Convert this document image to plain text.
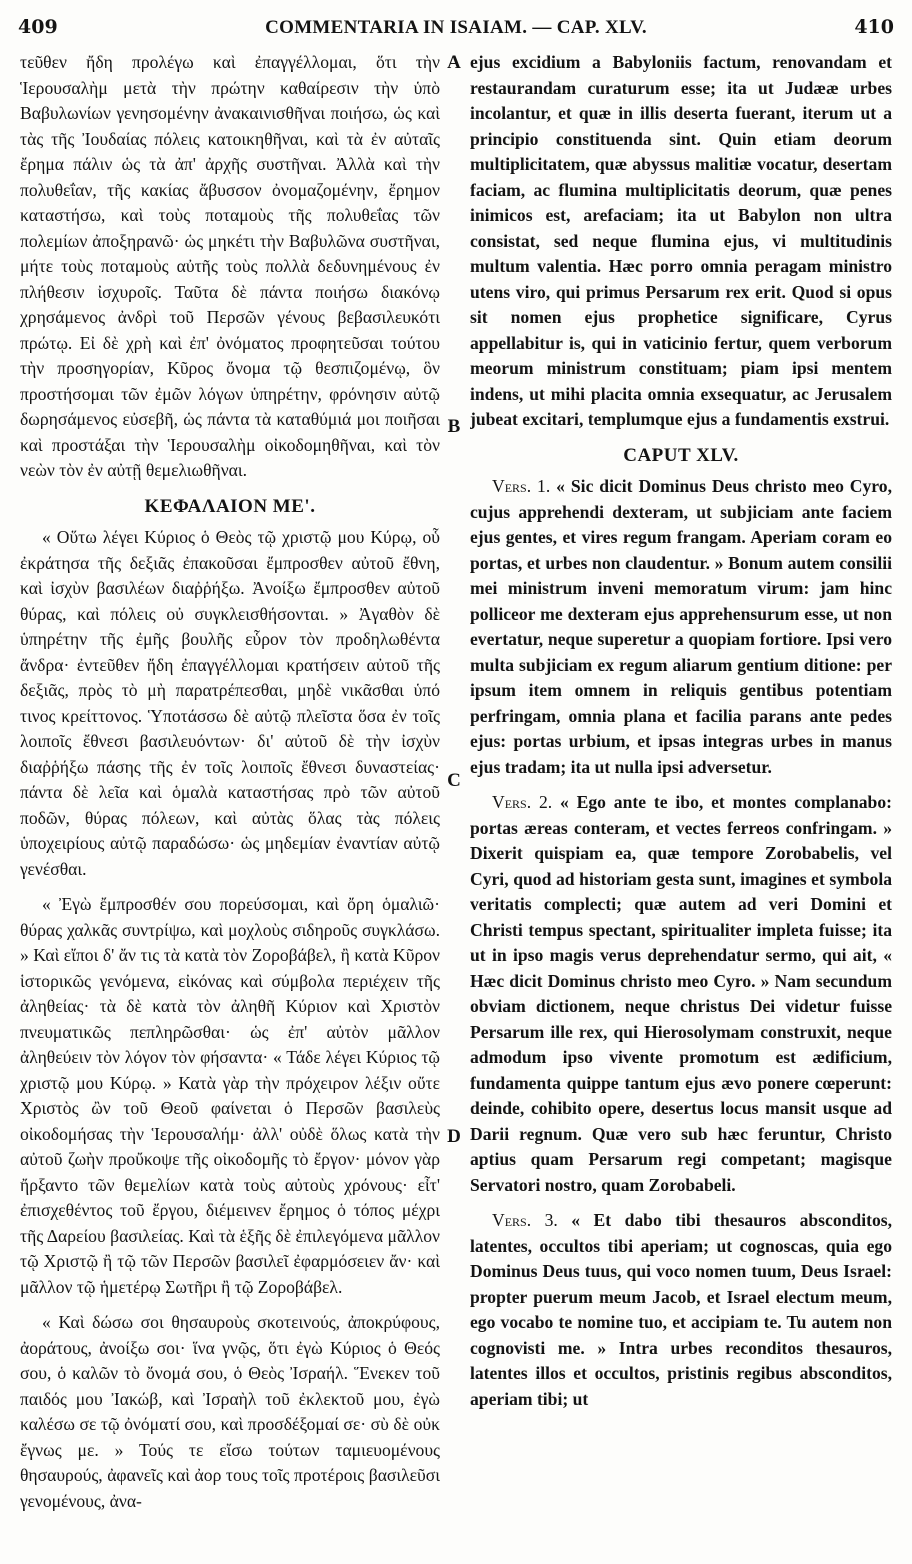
409	COMMENTARIA IN ISAIAM. — CAP. XLV.	410
A
B
C
D

τεῦθεν ἤδη προλέγω καὶ ἐπαγγέλλομαι, ὅτι τὴν Ἱερουσαλὴμ μετὰ τὴν πρώτην καθαίρεσιν τὴν ὑπὸ Βαβυλωνίων γενησομένην ἀνακαινισθῆναι ποιήσω, ὡς καὶ τὰς τῆς Ἰουδαίας πόλεις κατοικηθῆναι, καὶ τὰ ἐν αὐταῖς ἔρημα πάλιν ὡς τὰ ἀπ' ἀρχῆς συστῆναι. Ἀλλὰ καὶ τὴν πολυθεΐαν, τῆς κακίας ἄβυσσον ὀνομαζομένην, ἔρημον καταστήσω, καὶ τοὺς ποταμοὺς τῆς πολυθεΐας τῶν πολεμίων ἀποξηρανῶ· ὡς μηκέτι τὴν Βαβυλῶνα συστῆναι, μήτε τοὺς ποταμοὺς αὐτῆς τοὺς πολλὰ δεδυνημένους ἐν πλήθεσιν ἰσχυροῖς. Ταῦτα δὲ πάντα ποιήσω διακόνῳ χρησάμενος ἀνδρὶ τοῦ Περσῶν γένους βεβασιλευκότι πρώτῳ. Εἰ δὲ χρὴ καὶ ἐπ' ὀνόματος προφητεῦσαι τούτου τὴν προσηγορίαν, Κῦρος ὄνομα τῷ θεσπιζομένῳ, ὃν προστήσομαι τῶν ἐμῶν λόγων ὑπηρέτην, φρόνησιν αὐτῷ δωρησάμενος εὐσεβῆ, ὡς πάντα τὰ καταθύμιά μοι ποιῆσαι καὶ προστάξαι τὴν Ἱερουσαλὴμ οἰκοδομηθῆναι, καὶ τὸν νεὼν τὸν ἐν αὐτῇ θεμελιωθῆναι.

ΚΕΦΑΛΑΙΟΝ ΜΕ'.

« Οὕτω λέγει Κύριος ὁ Θεὸς τῷ χριστῷ μου Κύρῳ, οὗ ἐκράτησα τῆς δεξιᾶς ἐπακοῦσαι ἔμπροσθεν αὐτοῦ ἔθνη, καὶ ἰσχὺν βασιλέων διαῤῥήξω. Ἀνοίξω ἔμπροσθεν αὐτοῦ θύρας, καὶ πόλεις οὐ συγκλεισθήσονται. » Ἀγαθὸν δὲ ὑπηρέτην τῆς ἐμῆς βουλῆς εὗρον τὸν προδηλωθέντα ἄνδρα· ἐντεῦθεν ἤδη ἐπαγγέλλομαι κρατήσειν αὐτοῦ τῆς δεξιᾶς, πρὸς τὸ μὴ παρατρέπεσθαι, μηδὲ νικᾶσθαι ὑπό τινος κρείττονος. Ὑποτάσσω δὲ αὐτῷ πλεῖστα ὅσα ἐν τοῖς λοιποῖς ἔθνεσι βασιλευόντων· δι' αὐτοῦ δὲ τὴν ἰσχὺν διαῤῥήξω πάσης τῆς ἐν τοῖς λοιποῖς ἔθνεσι δυναστείας· πάντα δὲ λεῖα καὶ ὁμαλὰ καταστήσας πρὸ τῶν αὐτοῦ ποδῶν, θύρας πόλεων, καὶ αὐτὰς ὅλας τὰς πόλεις ὑποχειρίους αὐτῷ παραδώσω· ὡς μηδεμίαν ἐναντίαν αὐτῷ γενέσθαι.

« Ἐγὼ ἔμπροσθέν σου πορεύσομαι, καὶ ὄρη ὁμαλιῶ· θύρας χαλκᾶς συντρίψω, καὶ μοχλοὺς σιδηροῦς συγκλάσω. » Καὶ εἴποι δ' ἄν τις τὰ κατὰ τὸν Ζοροβάβελ, ἢ κατὰ Κῦρον ἱστορικῶς γενόμενα, εἰκόνας καὶ σύμβολα περιέχειν τῆς ἀληθείας· τὰ δὲ κατὰ τὸν ἀληθῆ Κύριον καὶ Χριστὸν πνευματικῶς πεπληρῶσθαι· ὡς ἐπ' αὐτὸν μᾶλλον ἀληθεύειν τὸν λόγον τὸν φήσαντα· « Τάδε λέγει Κύριος τῷ χριστῷ μου Κύρῳ. » Κατὰ γὰρ τὴν πρόχειρον λέξιν οὔτε Χριστὸς ὢν τοῦ Θεοῦ φαίνεται ὁ Περσῶν βασιλεὺς οἰκοδομήσας τὴν Ἱερουσαλήμ· ἀλλ' οὐδὲ ὅλως κατὰ τὴν αὐτοῦ ζωὴν προὔκοψε τῆς οἰκοδομῆς τὸ ἔργον· μόνον γὰρ ἤρξαντο τῶν θεμελίων κατὰ τοὺς αὐτοὺς χρόνους· εἶτ' ἐπισχεθέντος τοῦ ἔργου, διέμεινεν ἔρημος ὁ τόπος μέχρι τῆς Δαρείου βασιλείας. Καὶ τὰ ἑξῆς δὲ ἐπιλεγόμενα μᾶλλον τῷ Χριστῷ ἢ τῷ τῶν Περσῶν βασιλεῖ ἐφαρμόσειεν ἄν· καὶ μᾶλλον τῷ ἡμετέρῳ Σωτῆρι ἢ τῷ Ζοροβάβελ.

« Καὶ δώσω σοι θησαυροὺς σκοτεινούς, ἀποκρύφους, ἀοράτους, ἀνοίξω σοι· ἵνα γνῷς, ὅτι ἐγὼ Κύριος ὁ Θεός σου, ὁ καλῶν τὸ ὄνομά σου, ὁ Θεὸς Ἰσραήλ. Ἕνεκεν τοῦ παιδός μου Ἰακώβ, καὶ Ἰσραὴλ τοῦ ἐκλεκτοῦ μου, ἐγὼ καλέσω σε τῷ ὀνόματί σου, καὶ προσδέξομαί σε· σὺ δὲ οὐκ ἔγνως με. » Τούς τε εἴσω τούτων ταμιευομένους θησαυρούς, ἀφανεῖς καὶ ἀορ τους τοῖς προτέροις βασιλεῦσι γενομένους, ἀνα-

ejus excidium a Babyloniis factum, renovandam et restaurandam curaturum esse; ita ut Judææ urbes incolantur, et quæ in illis deserta fuerant, iterum ut a principio constituenda sint. Quin etiam deorum multiplicitatem, quæ abyssus malitiæ vocatur, desertam faciam, ac flumina multiplicitatis deorum, quæ penes inimicos est, arefaciam; ita ut Babylon non ultra consistat, sed neque flumina ejus, vi multitudinis multum valentia. Hæc porro omnia peragam ministro utens viro, qui primus Persarum rex erit. Quod si opus sit nomen ejus prophetice significare, Cyrus appellabitur is, qui in vaticinio fertur, quem verborum meorum ministrum constituam; piam ipsi mentem indens, ut mihi placita omnia exsequatur, ac Jerusalem jubeat excitari, templumque ejus a fundamentis exstrui.

CAPUT XLV.

Vers. 1. « Sic dicit Dominus Deus christo meo Cyro, cujus apprehendi dexteram, ut subjiciam ante faciem ejus gentes, et vires regum frangam. Aperiam coram eo portas, et urbes non claudentur. » Bonum autem consilii mei ministrum inveni memoratum virum: jam hinc polliceor me dexteram ejus apprehensurum esse, ut non evertatur, neque superetur a quopiam fortiore. Ipsi vero multa subjiciam ex regum aliarum gentium ditione: per ipsum item omnem in reliquis gentibus potentiam perfringam, omnia plana et facilia parans ante pedes ejus: portas urbium, et ipsas integras urbes in manus ejus tradam; ita ut nulla ipsi adversetur.

Vers. 2. « Ego ante te ibo, et montes complanabo: portas æreas conteram, et vectes ferreos confringam. » Dixerit quispiam ea, quæ tempore Zorobabelis, vel Cyri, quod ad historiam gesta sunt, imagines et symbola veritatis complecti; quæ autem ad veri Domini et Christi tempus spectant, spiritualiter impleta fuisse; ita ut in ipso magis verus deprehendatur sermo, qui ait, « Hæc dicit Dominus christo meo Cyro. » Nam secundum obviam dictionem, neque christus Dei videtur fuisse Persarum ille rex, qui Hierosolymam construxit, neque admodum ipso vivente promotum est ædificium, fundamenta quippe tantum ejus ævo ponere cœperunt: deinde, cohibito opere, desertus locus mansit usque ad Darii regnum. Quæ vero sub hæc feruntur, Christo aptius quam Persarum regi competant; magisque Servatori nostro, quam Zorobabeli.

Vers. 3. « Et dabo tibi thesauros absconditos, latentes, occultos tibi aperiam; ut cognoscas, quia ego Dominus Deus tuus, qui voco nomen tuum, Deus Israel: propter puerum meum Jacob, et Israel electum meum, ego vocabo te nomine tuo, et accipiam te. Tu autem non cognovisti me. » Intra urbes reconditos thesauros, latentes illos et occultos, pristinis regibus absconditos, aperiam tibi; ut
